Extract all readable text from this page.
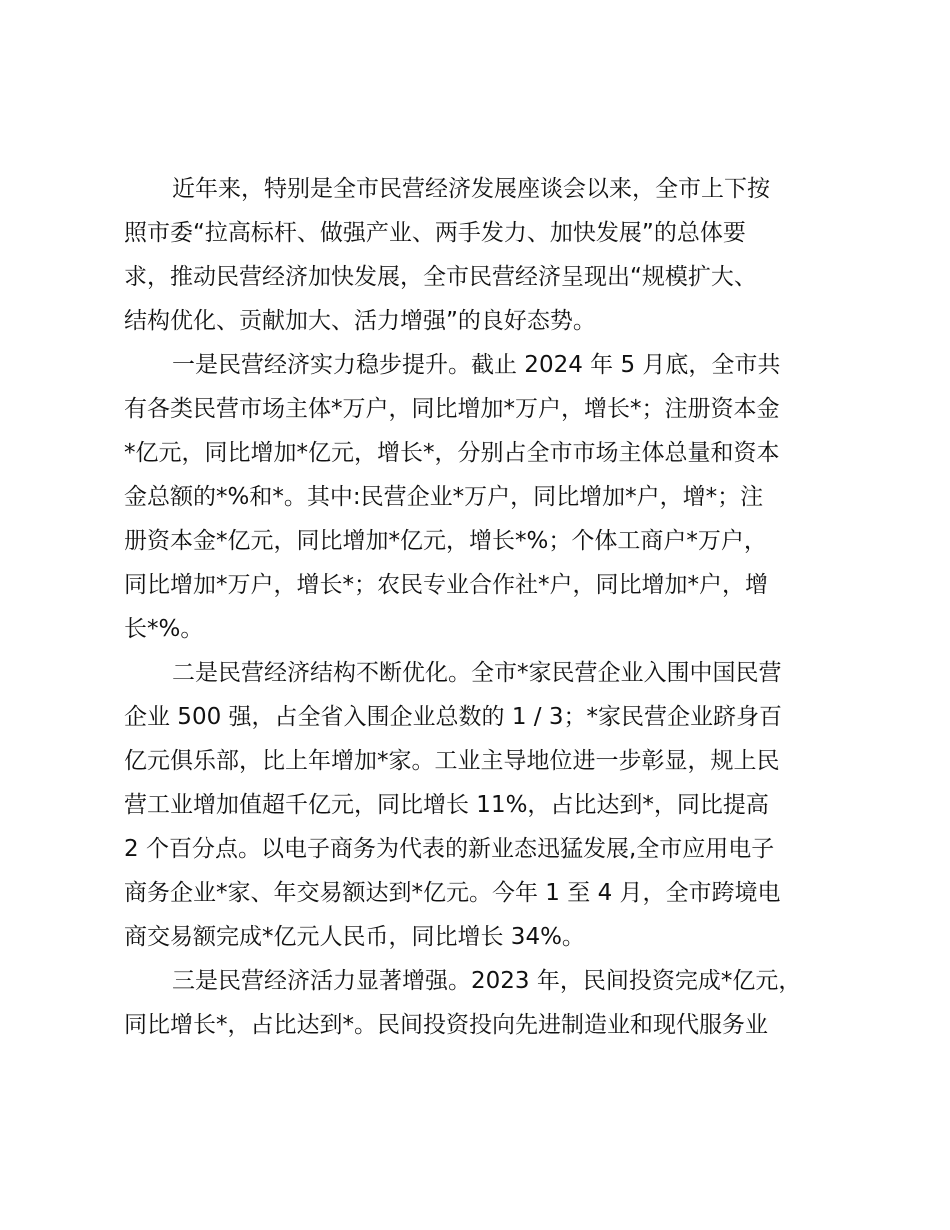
近年来，特别是全市民营经济发展座谈会以来，全市上下按
照市委“拉高标杆、做强产业、两手发力、加快发展”的总体要
求，推动民营经济加快发展，全市民营经济呈现出“规模扩大、
结构优化、贡献加大、活力增强”的良好态势。
一是民营经济实力稳步提升。截止 2024 年 5 月底，全市共
有各类民营市场主体*万户，同比增加*万户，增长*；注册资本金
*亿元，同比增加*亿元，增长*，分别占全市市场主体总量和资本
金总额的*%和*。其中:民营企业*万户，同比增加*户，增*；注
册资本金*亿元，同比增加*亿元，增长*%；个体工商户*万户，
同比增加*万户，增长*；农民专业合作社*户，同比增加*户，增
长*%。
二是民营经济结构不断优化。全市*家民营企业入围中国民营
企业 500 强，占全省入围企业总数的 1 / 3；*家民营企业跻身百
亿元俱乐部，比上年增加*家。工业主导地位进一步彰显，规上民
营工业增加值超千亿元，同比增长 11%，占比达到*，同比提高
2 个百分点。以电子商务为代表的新业态迅猛发展,全市应用电子
商务企业*家、年交易额达到*亿元。今年 1 至 4 月，全市跨境电
商交易额完成*亿元人民币，同比增长 34%。
三是民营经济活力显著增强。2023 年，民间投资完成*亿元，
同比增长*，占比达到*。民间投资投向先进制造业和现代服务业
